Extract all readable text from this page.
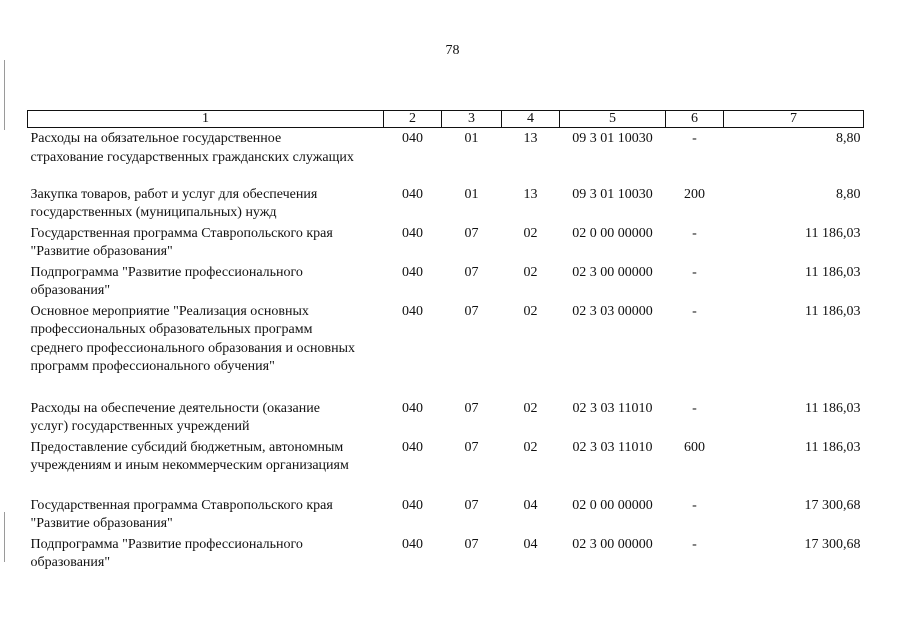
78
1	2	3	4	5	6	7

Расходы на обязательное государственное
страхование государственных гражданских служащих	040	01	13	09 3 01 10030	-	8,80

Закупка товаров, работ и услуг для обеспечения
государственных (муниципальных) нужд	040	01	13	09 3 01 10030	200	8,80

Государственная программа Ставропольского края
"Развитие образования"	040	07	02	02 0 00 00000	-	11 186,03

Подпрограмма "Развитие профессионального
образования"	040	07	02	02 3 00 00000	-	11 186,03

Основное мероприятие "Реализация основных
профессиональных образовательных программ
среднего профессионального образования и основных
программ профессионального обучения"	040	07	02	02 3 03 00000	-	11 186,03

Расходы на обеспечение деятельности (оказание
услуг) государственных учреждений	040	07	02	02 3 03 11010	-	11 186,03

Предоставление субсидий бюджетным, автономным
учреждениям и иным некоммерческим организациям	040	07	02	02 3 03 11010	600	11 186,03

Государственная программа Ставропольского края
"Развитие образования"	040	07	04	02 0 00 00000	-	17 300,68

Подпрограмма "Развитие профессионального
образования"	040	07	04	02 3 00 00000	-	17 300,68
